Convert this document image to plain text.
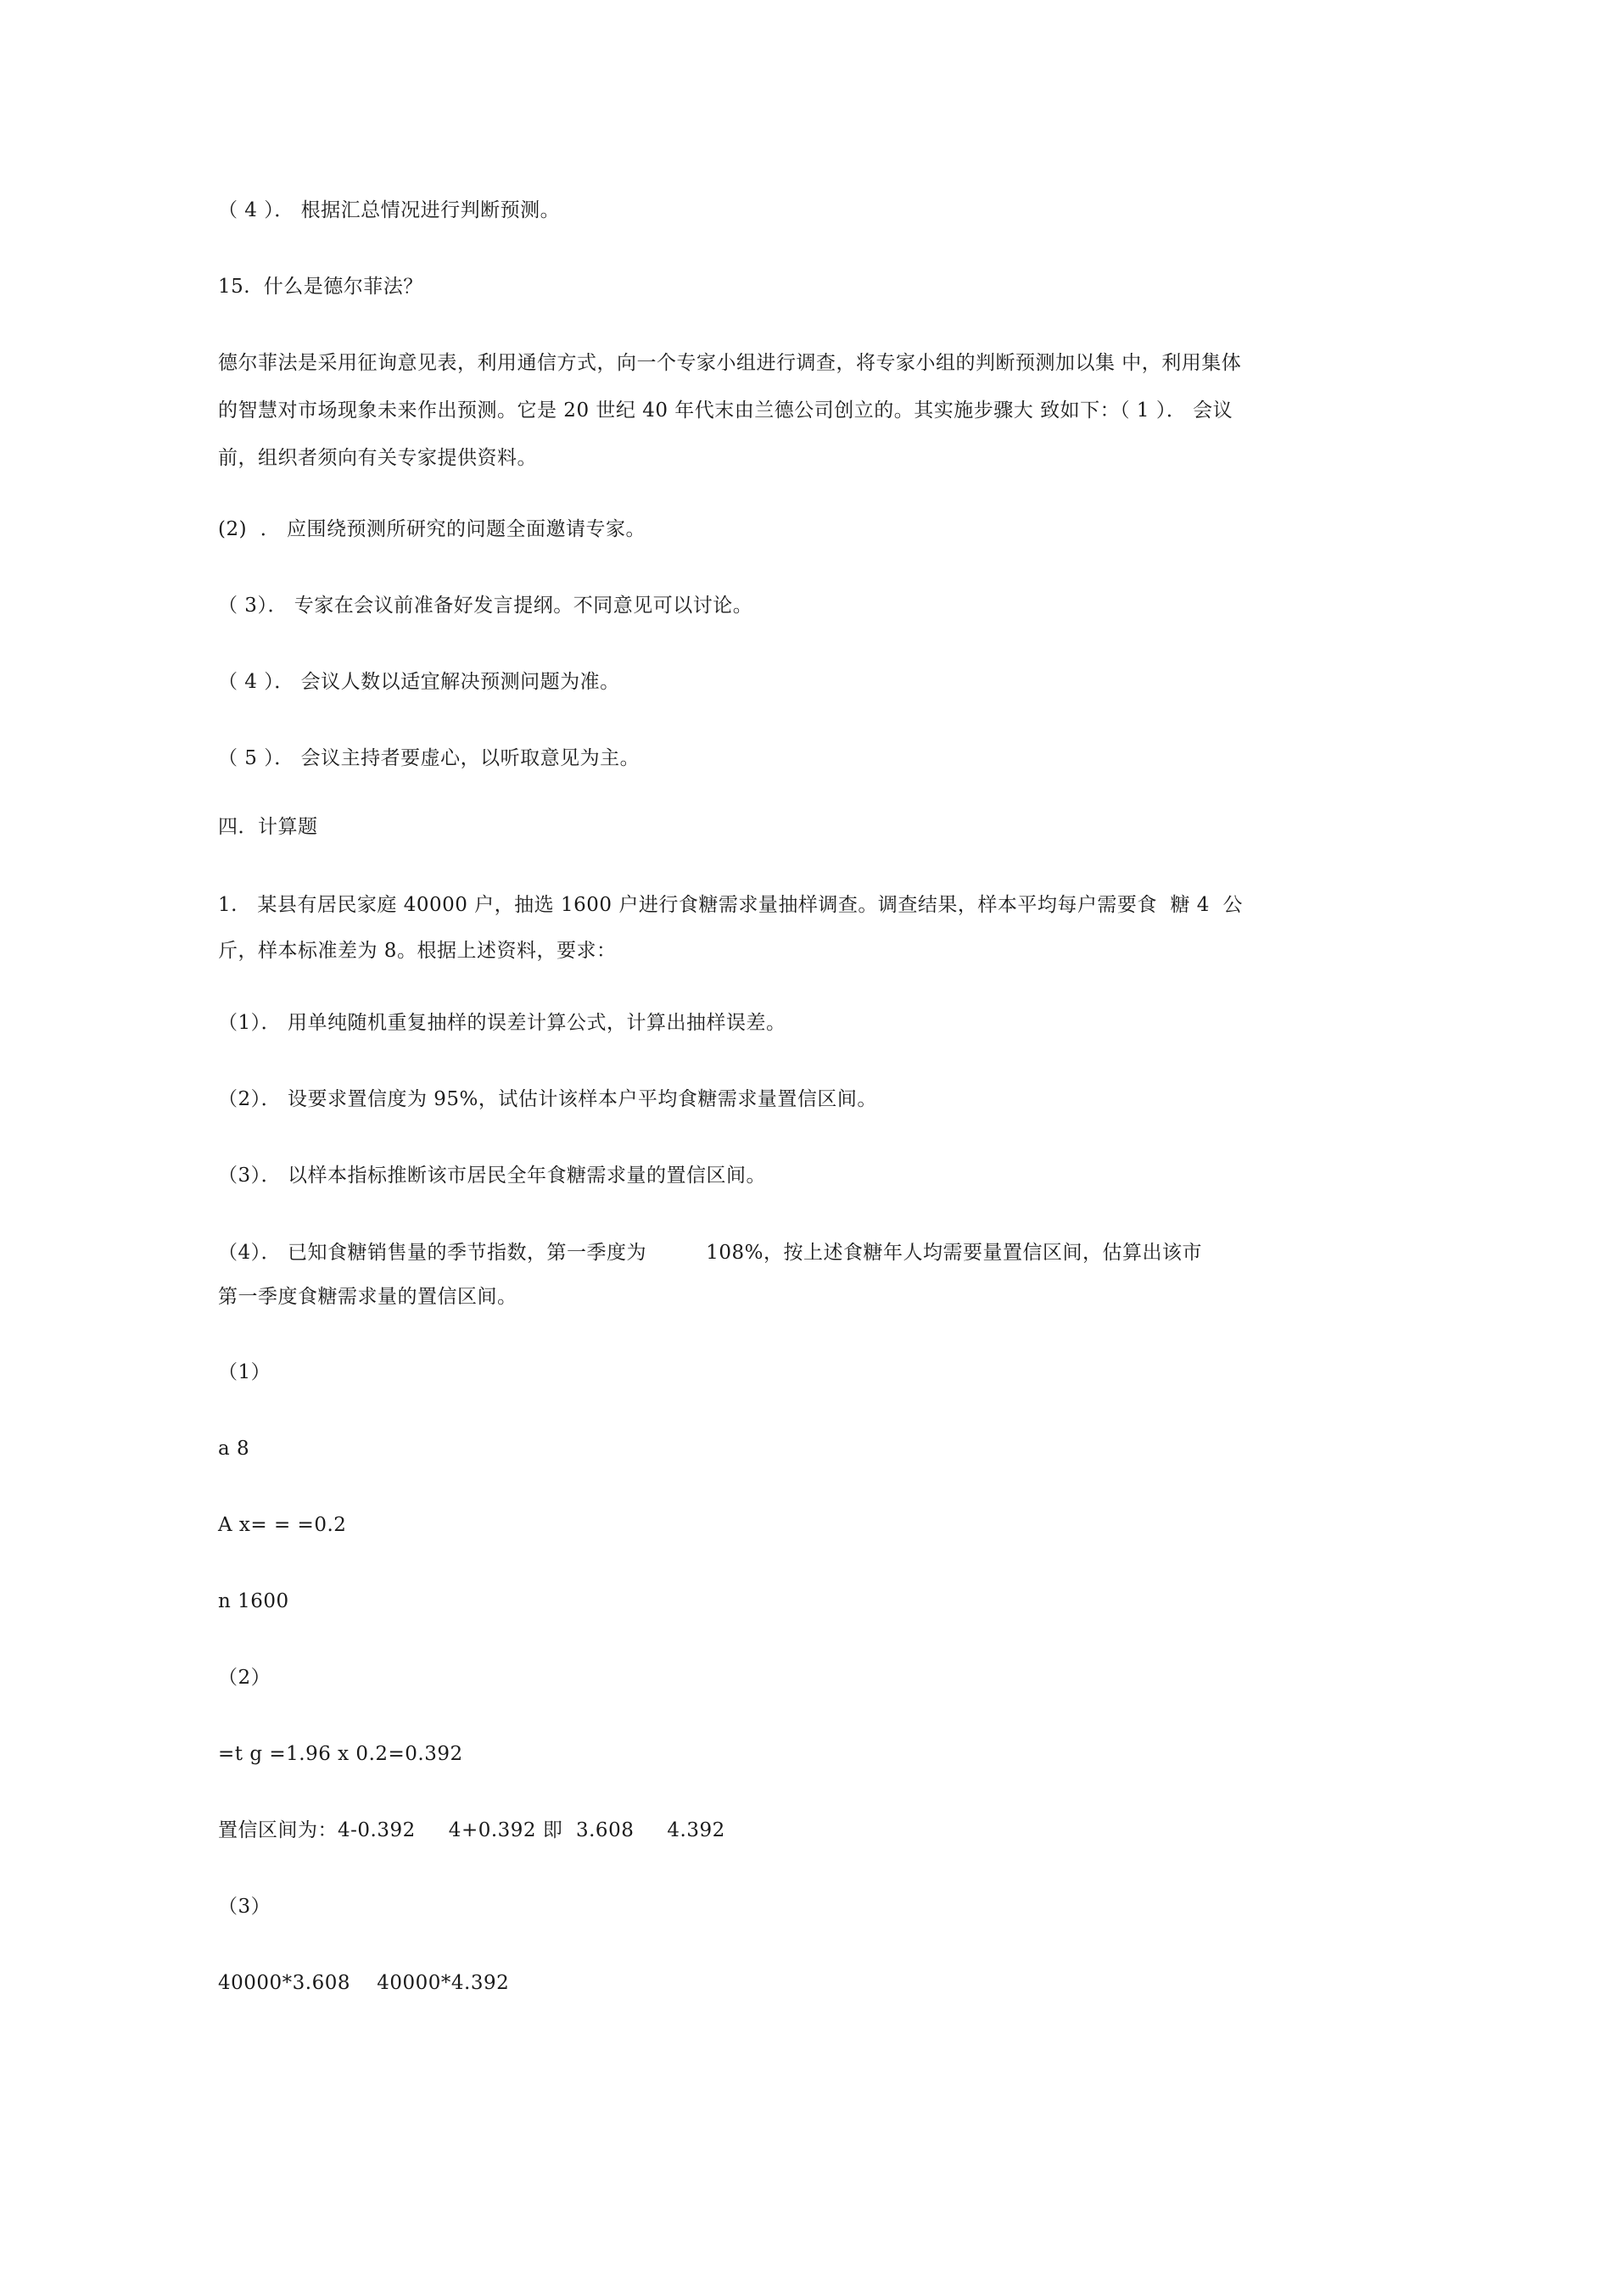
（ 4 ）． 根据汇总情况进行判断预测。
15.  什么是德尔菲法？
德尔菲法是采用征询意见表，利用通信方式，向一个专家小组进行调查，将专家小组的判断预测加以集 中，利用集体
的智慧对市场现象未来作出预测。它是 20 世纪 40 年代末由兰德公司创立的。其实施步骤大 致如下：（ 1 ）． 会议
前，组织者须向有关专家提供资料。
(2)  ． 应围绕预测所研究的问题全面邀请专家。
（ 3）． 专家在会议前准备好发言提纲。不同意见可以讨论。
（ 4 ）． 会议人数以适宜解决预测问题为准。
（ 5 ）． 会议主持者要虚心，以听取意见为主。
四．计算题
1.   某县有居民家庭 40000 户，抽选 1600 户进行食糖需求量抽样调查。调查结果，样本平均每户需要食  糖 4  公
斤，样本标准差为 8。根据上述资料，要求：
（1）． 用单纯随机重复抽样的误差计算公式，计算出抽样误差。
（2）． 设要求置信度为 95%，试估计该样本户平均食糖需求量置信区间。
（3）． 以样本指标推断该市居民全年食糖需求量的置信区间。
（4）． 已知食糖销售量的季节指数，第一季度为         108%，按上述食糖年人均需要量置信区间，估算出该市
第一季度食糖需求量的置信区间。
（1）
a 8
A x= = =0.2
n 1600
（2）
=t g =1.96 x 0.2=0.392
置信区间为：4-0.392     4+0.392 即  3.608     4.392
（3）
40000*3.608    40000*4.392
